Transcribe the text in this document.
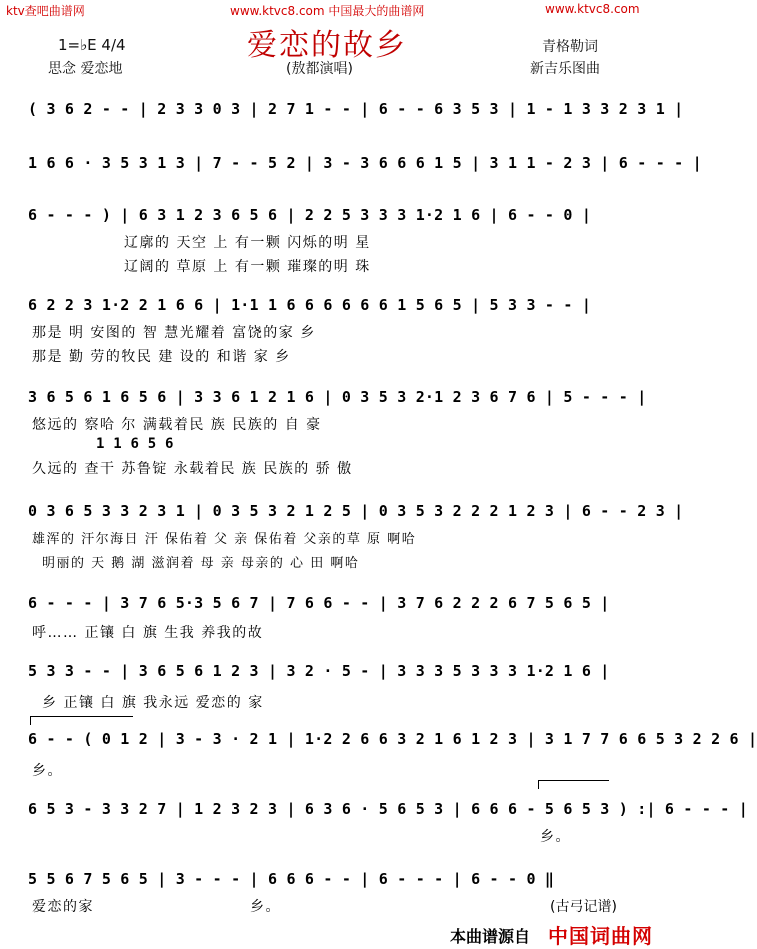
ktv查吧曲谱网	www.ktvc8.com 中国最大的曲谱网	www.ktvc8.com
爱恋的故乡
1=♭E 4/4
思念 爱恋地	(敖都演唱)
青格勒词
新吉乐图曲
( 3 6 2 - - | 2 3 3 0 3 | 2 7 1 - - | 6 - - 6 3 5 3 | 1 - 1 3 3 2 3 1 |
1 6 6 · 3 5 3 1 3 | 7 - - 5 2 | 3 - 3 6 6 6 1 5 | 3 1 1 - 2 3 | 6 - - - |
6 - - - ) | 6 3 1 2 3 6 5 6 | 2 2 5 3 3 3 1·2 1 6 | 6 - - 0 |
辽廓的 天空 上 有一颗 闪烁的明 星
辽阔的 草原 上 有一颗 璀璨的明 珠
6 2 2 3 1·2 2 1 6 6 | 1·1 1 6 6 6 6 6 6 1 5 6 5 | 5 3 3 - - |
那是 明 安图的 智 慧光耀着 富饶的家 乡
那是 勤 劳的牧民 建 设的 和谐 家 乡
3 6 5 6 1 6 5 6 | 3 3 6 1 2 1 6 | 0 3 5 3 2·1 2 3 6 7 6 | 5 - - - |
悠远的 察哈 尔 满载着民 族 民族的 自 豪
1 1 6 5 6
久远的 查干 苏鲁锭 永载着民 族 民族的 骄 傲
0 3 6 5 3 3 2 3 1 | 0 3 5 3 2 1 2 5 | 0 3 5 3 2 2 2 1 2 3 | 6 - - 2 3 |
雄浑的 汗尔海日 汗 保佑着 父 亲 保佑着 父亲的草 原 啊哈
明丽的 天 鹅 湖 滋润着 母 亲 母亲的 心 田 啊哈
6 - - - | 3 7 6 5·3 5 6 7 | 7 6 6 - - | 3 7 6 2 2 2 6 7 5 6 5 |
呼…… 正镶 白 旗 生我 养我的故
5 3 3 - - | 3 6 5 6 1 2 3 | 3 2 · 5 - | 3 3 3 5 3 3 3 1·2 1 6 |
乡 正镶 白 旗 我永远 爱恋的 家
6 - - ( 0 1 2 | 3 - 3 · 2 1 | 1·2 2 6 6 3 2 1 6 1 2 3 | 3 1 7 7 6 6 5 3 2 2 6 |
乡。
6 5 3 - 3 3 2 7 | 1 2 3 2 3 | 6 3 6 · 5 6 5 3 | 6 6 6 - 5 6 5 3 ) :| 6 - - - |
乡。
5 5 6 7 5 6 5 | 3 - - - | 6 6 6 - - | 6 - - - | 6 - - 0 ‖
爱恋的家	乡。	(古弓记谱)
本曲谱源自 中国词曲网
